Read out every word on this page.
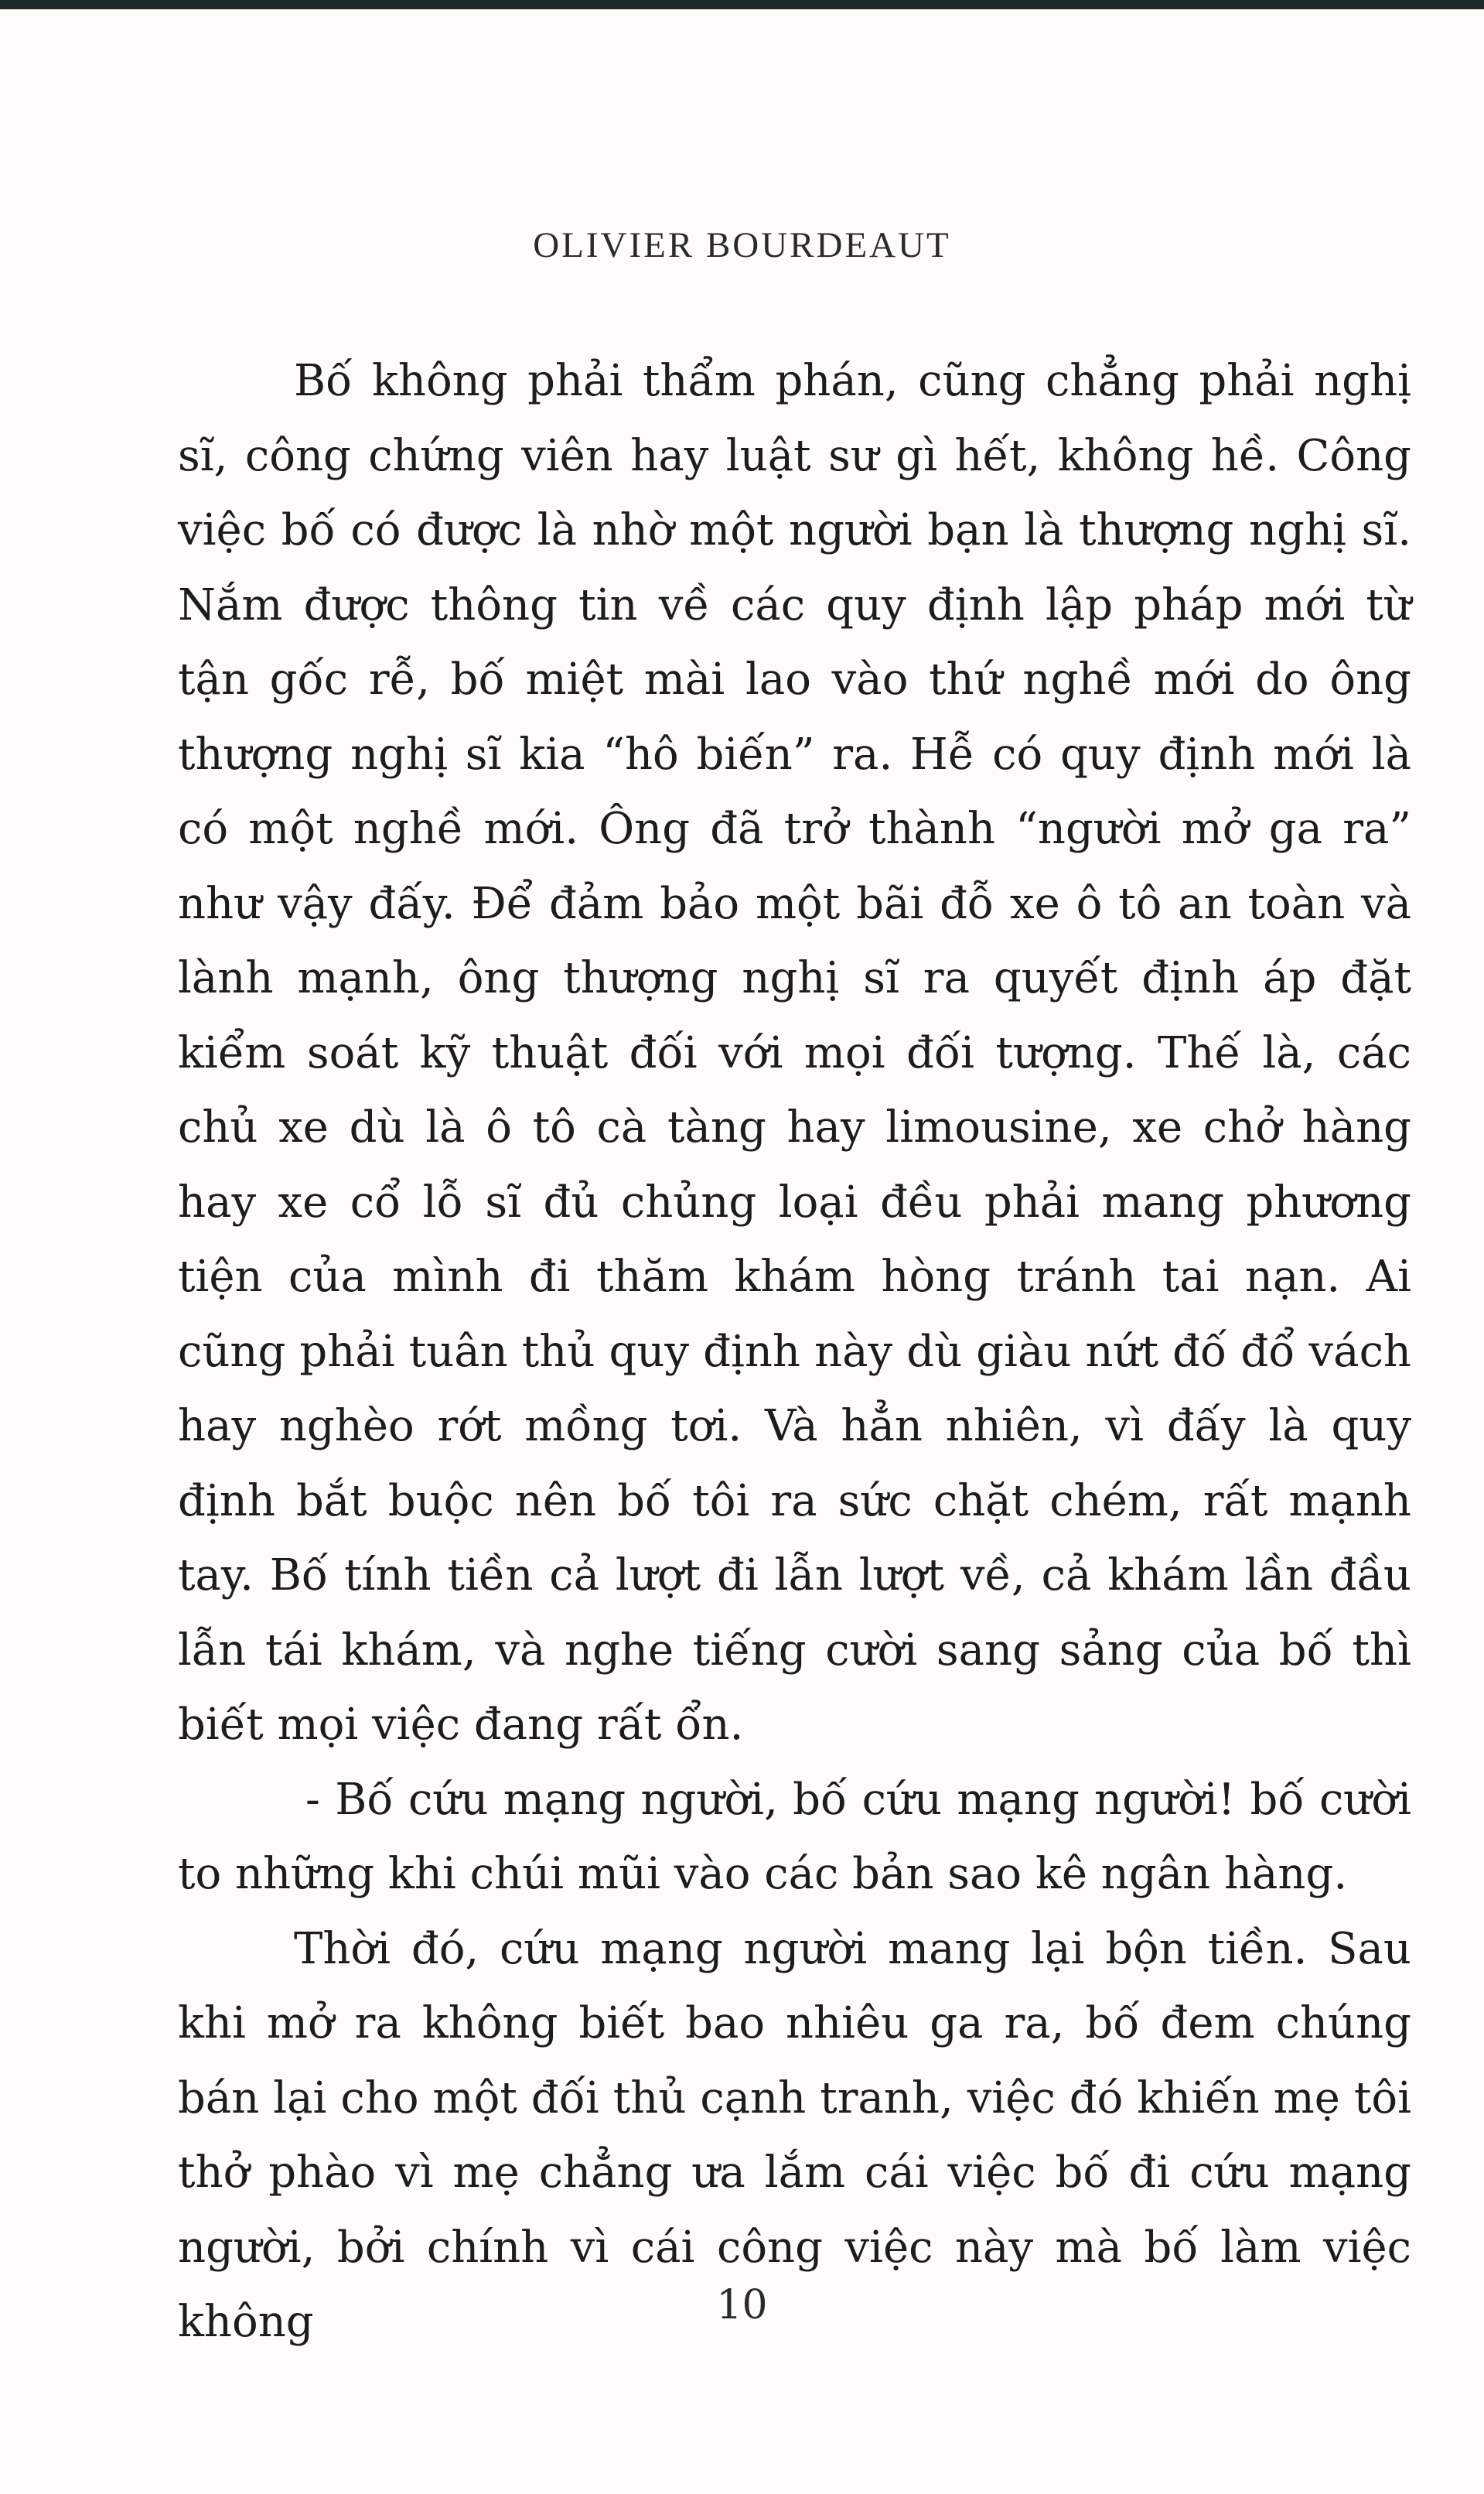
OLIVIER BOURDEAUT

Bố không phải thẩm phán, cũng chẳng phải nghị sĩ, công chứng viên hay luật sư gì hết, không hề. Công việc bố có được là nhờ một người bạn là thượng nghị sĩ. Nắm được thông tin về các quy định lập pháp mới từ tận gốc rễ, bố miệt mài lao vào thứ nghề mới do ông thượng nghị sĩ kia “hô biến” ra. Hễ có quy định mới là có một nghề mới. Ông đã trở thành “người mở ga ra” như vậy đấy. Để đảm bảo một bãi đỗ xe ô tô an toàn và lành mạnh, ông thượng nghị sĩ ra quyết định áp đặt kiểm soát kỹ thuật đối với mọi đối tượng. Thế là, các chủ xe dù là ô tô cà tàng hay limousine, xe chở hàng hay xe cổ lỗ sĩ đủ chủng loại đều phải mang phương tiện của mình đi thăm khám hòng tránh tai nạn. Ai cũng phải tuân thủ quy định này dù giàu nứt đố đổ vách hay nghèo rớt mồng tơi. Và hẳn nhiên, vì đấy là quy định bắt buộc nên bố tôi ra sức chặt chém, rất mạnh tay. Bố tính tiền cả lượt đi lẫn lượt về, cả khám lần đầu lẫn tái khám, và nghe tiếng cười sang sảng của bố thì biết mọi việc đang rất ổn.

- Bố cứu mạng người, bố cứu mạng người! bố cười to những khi chúi mũi vào các bản sao kê ngân hàng.

Thời đó, cứu mạng người mang lại bộn tiền. Sau khi mở ra không biết bao nhiêu ga ra, bố đem chúng bán lại cho một đối thủ cạnh tranh, việc đó khiến mẹ tôi thở phào vì mẹ chẳng ưa lắm cái việc bố đi cứu mạng người, bởi chính vì cái công việc này mà bố làm việc không	10
